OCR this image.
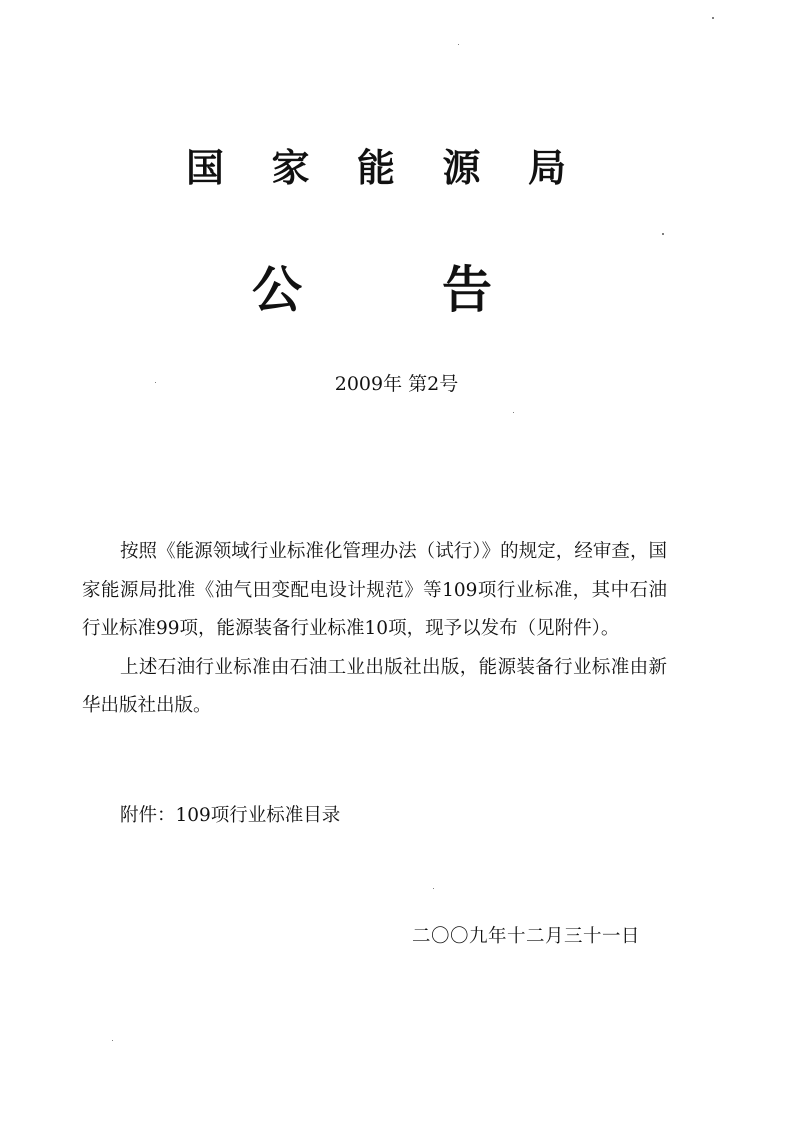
国 家 能 源 局
公	告
2009年 第2号

按照《能源领域行业标准化管理办法（试行）》的规定，经审查，国家能源局批准《油气田变配电设计规范》等109项行业标准，其中石油行业标准99项，能源装备行业标准10项，现予以发布（见附件）。

上述石油行业标准由石油工业出版社出版，能源装备行业标准由新华出版社出版。

附件：109项行业标准目录
二〇〇九年十二月三十一日
